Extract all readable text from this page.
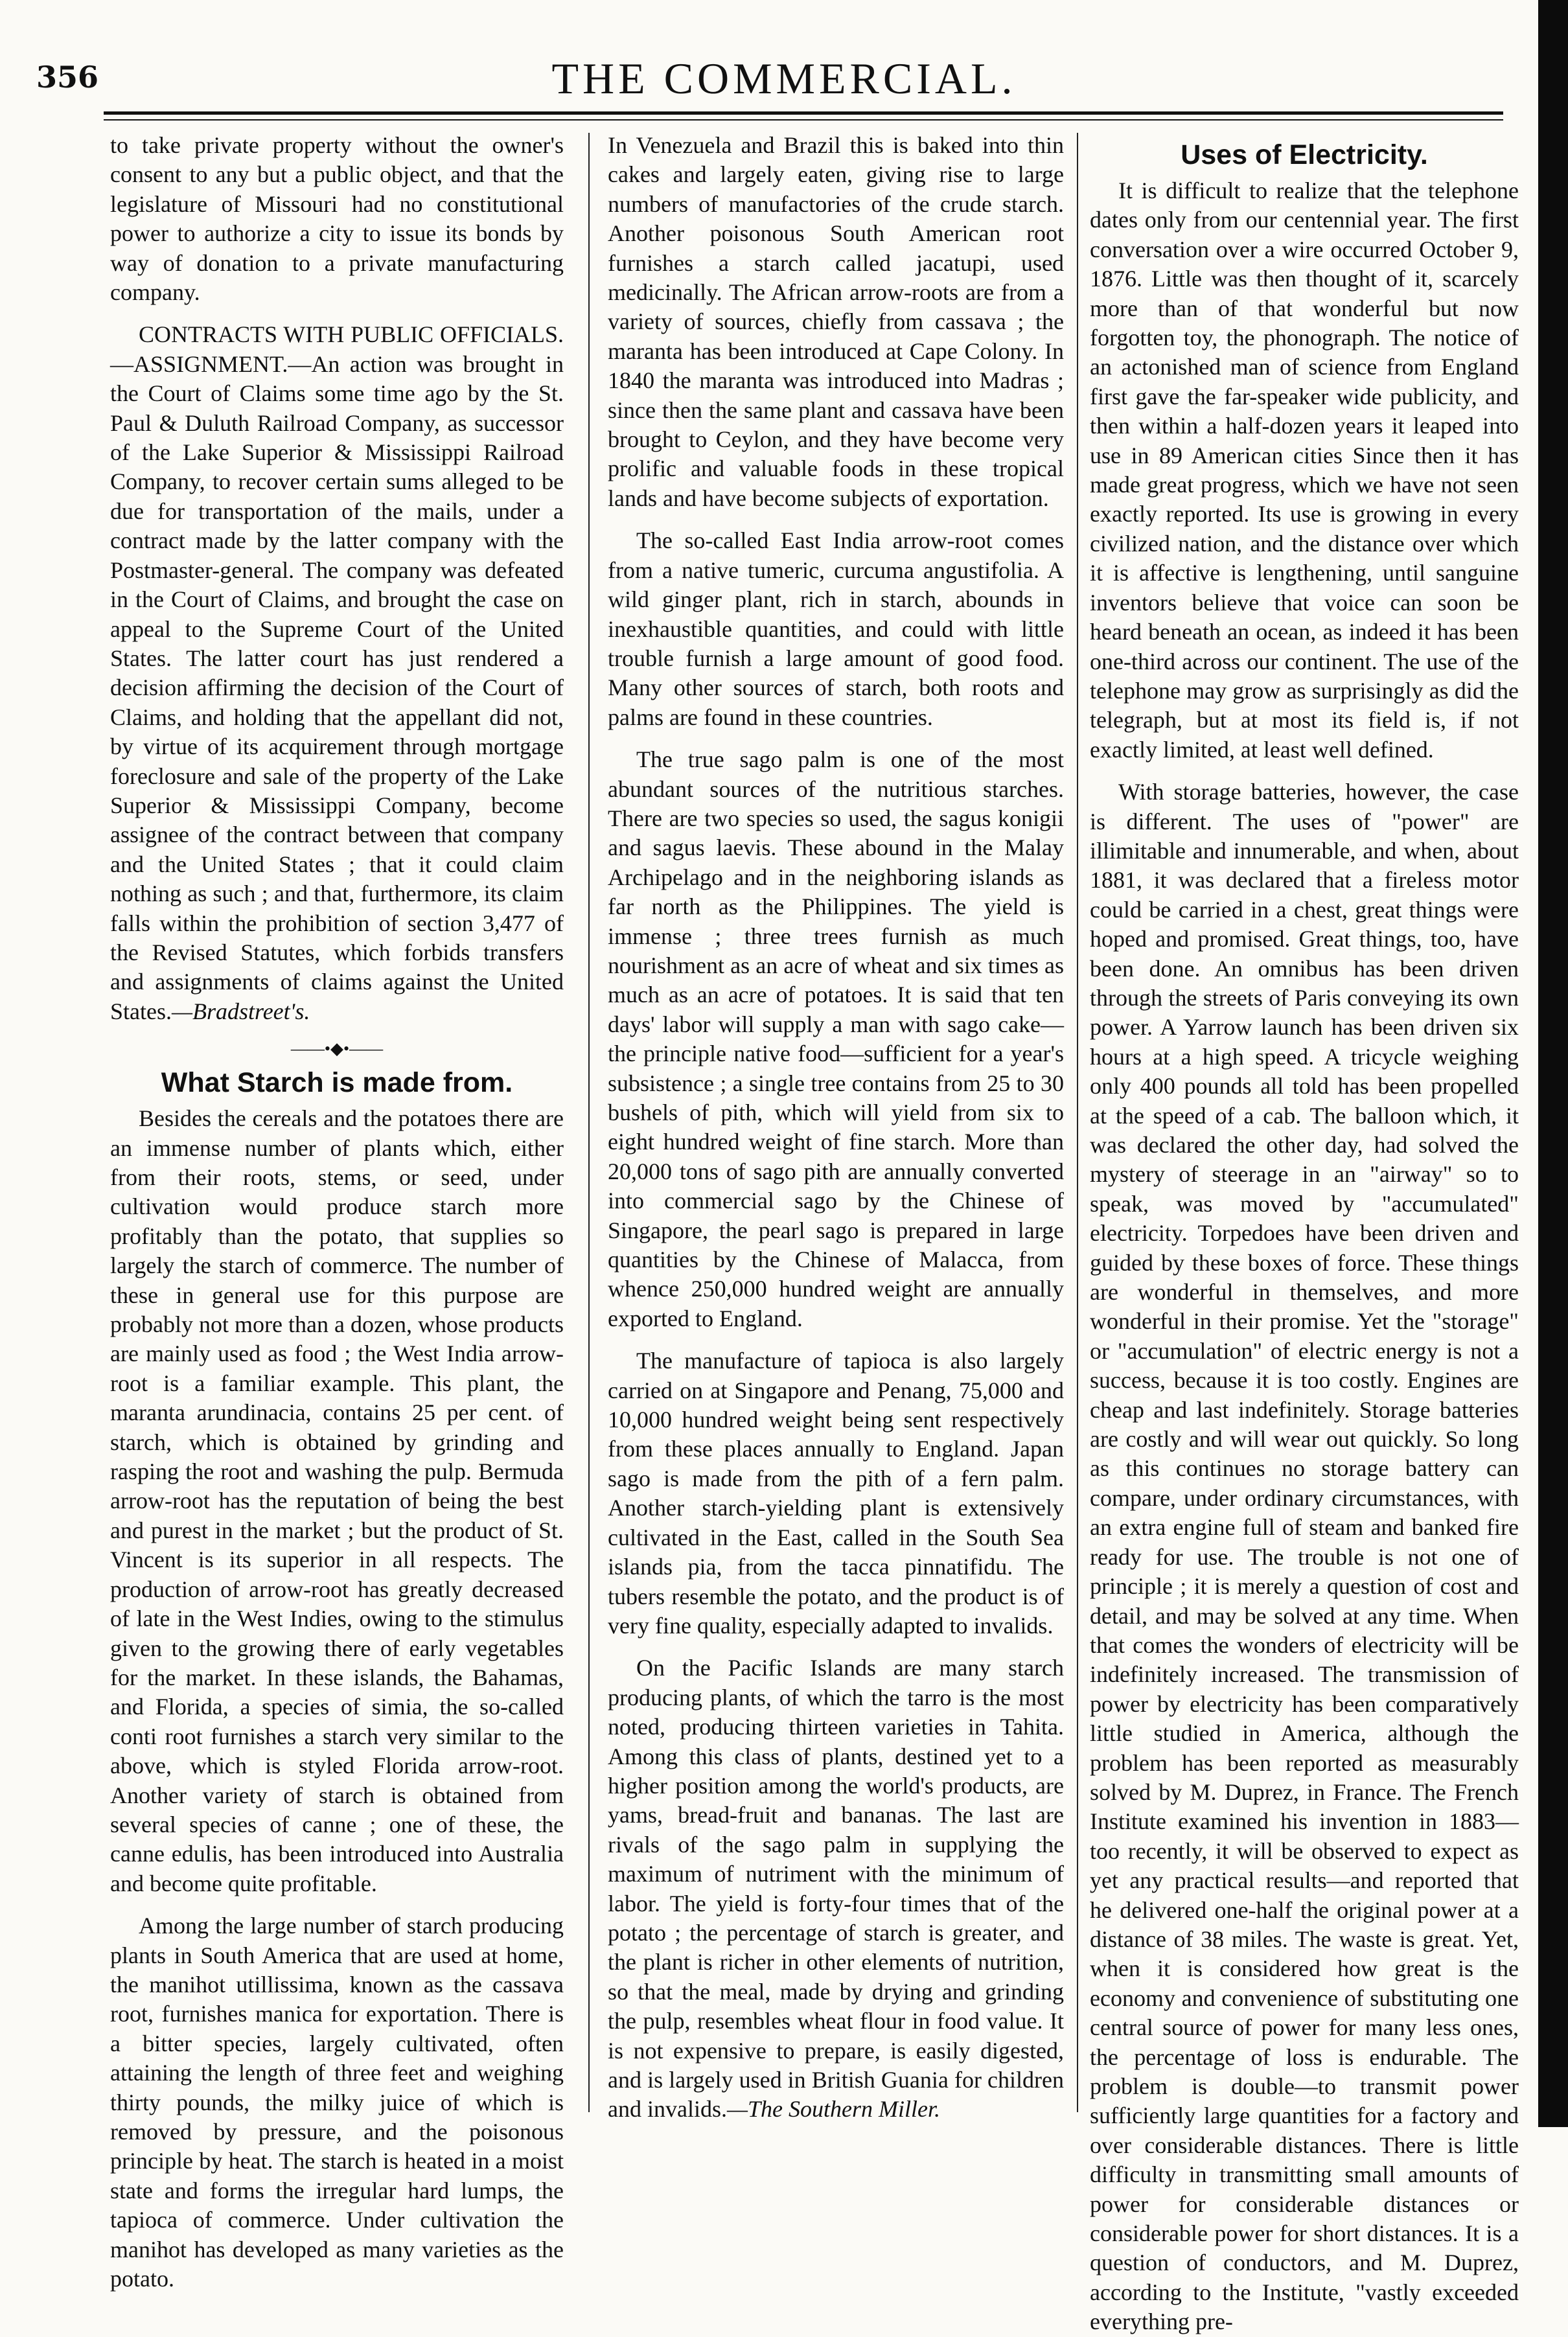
356	THE COMMERCIAL.

to take private property without the owner's consent to any but a public object, and that the legislature of Missouri had no constitutional power to authorize a city to issue its bonds by way of donation to a private manufacturing company.

CONTRACTS WITH PUBLIC OFFICIALS.—ASSIGNMENT.—An action was brought in the Court of Claims some time ago by the St. Paul & Duluth Railroad Company, as successor of the Lake Superior & Mississippi Railroad Company, to recover certain sums alleged to be due for transportation of the mails, under a contract made by the latter company with the Postmaster-general. The company was defeated in the Court of Claims, and brought the case on appeal to the Supreme Court of the United States. The latter court has just rendered a decision affirming the decision of the Court of Claims, and holding that the appellant did not, by virtue of its acquirement through mortgage foreclosure and sale of the property of the Lake Superior & Mississippi Company, become assignee of the contract between that company and the United States ; that it could claim nothing as such ; and that, furthermore, its claim falls within the prohibition of section 3,477 of the Revised Statutes, which forbids transfers and assignments of claims against the United States.—Bradstreet's.

——•◆•——
What Starch is made from.

Besides the cereals and the potatoes there are an immense number of plants which, either from their roots, stems, or seed, under cultivation would produce starch more profitably than the potato, that supplies so largely the starch of commerce. The number of these in general use for this purpose are probably not more than a dozen, whose products are mainly used as food ; the West India arrow-root is a familiar example. This plant, the maranta arundinacia, contains 25 per cent. of starch, which is obtained by grinding and rasping the root and washing the pulp. Bermuda arrow-root has the reputation of being the best and purest in the market ; but the product of St. Vincent is its superior in all respects. The production of arrow-root has greatly decreased of late in the West Indies, owing to the stimulus given to the growing there of early vegetables for the market. In these islands, the Bahamas, and Florida, a species of simia, the so-called conti root furnishes a starch very similar to the above, which is styled Florida arrow-root. Another variety of starch is obtained from several species of canne ; one of these, the canne edulis, has been introduced into Australia and become quite profitable.

Among the large number of starch producing plants in South America that are used at home, the manihot utillissima, known as the cassava root, furnishes manica for exportation. There is a bitter species, largely cultivated, often attaining the length of three feet and weighing thirty pounds, the milky juice of which is removed by pressure, and the poisonous principle by heat. The starch is heated in a moist state and forms the irregular hard lumps, the tapioca of commerce. Under cultivation the manihot has developed as many varieties as the potato.

In Venezuela and Brazil this is baked into thin cakes and largely eaten, giving rise to large numbers of manufactories of the crude starch. Another poisonous South American root furnishes a starch called jacatupi, used medicinally. The African arrow-roots are from a variety of sources, chiefly from cassava ; the maranta has been introduced at Cape Colony. In 1840 the maranta was introduced into Madras ; since then the same plant and cassava have been brought to Ceylon, and they have become very prolific and valuable foods in these tropical lands and have become subjects of exportation.

The so-called East India arrow-root comes from a native tumeric, curcuma angustifolia. A wild ginger plant, rich in starch, abounds in inexhaustible quantities, and could with little trouble furnish a large amount of good food. Many other sources of starch, both roots and palms are found in these countries.

The true sago palm is one of the most abundant sources of the nutritious starches. There are two species so used, the sagus konigii and sagus laevis. These abound in the Malay Archipelago and in the neighboring islands as far north as the Philippines. The yield is immense ; three trees furnish as much nourishment as an acre of wheat and six times as much as an acre of potatoes. It is said that ten days' labor will supply a man with sago cake—the principle native food—sufficient for a year's subsistence ; a single tree contains from 25 to 30 bushels of pith, which will yield from six to eight hundred weight of fine starch. More than 20,000 tons of sago pith are annually converted into commercial sago by the Chinese of Singapore, the pearl sago is prepared in large quantities by the Chinese of Malacca, from whence 250,000 hundred weight are annually exported to England.

The manufacture of tapioca is also largely carried on at Singapore and Penang, 75,000 and 10,000 hundred weight being sent respectively from these places annually to England. Japan sago is made from the pith of a fern palm. Another starch-yielding plant is extensively cultivated in the East, called in the South Sea islands pia, from the tacca pinnatifidu. The tubers resemble the potato, and the product is of very fine quality, especially adapted to invalids.

On the Pacific Islands are many starch producing plants, of which the tarro is the most noted, producing thirteen varieties in Tahita. Among this class of plants, destined yet to a higher position among the world's products, are yams, bread-fruit and bananas. The last are rivals of the sago palm in supplying the maximum of nutriment with the minimum of labor. The yield is forty-four times that of the potato ; the percentage of starch is greater, and the plant is richer in other elements of nutrition, so that the meal, made by drying and grinding the pulp, resembles wheat flour in food value. It is not expensive to prepare, is easily digested, and is largely used in British Guania for children and invalids.—The Southern Miller.

Uses of Electricity.

It is difficult to realize that the telephone dates only from our centennial year. The first conversation over a wire occurred October 9, 1876. Little was then thought of it, scarcely more than of that wonderful but now forgotten toy, the phonograph. The notice of an actonished man of science from England first gave the far-speaker wide publicity, and then within a half-dozen years it leaped into use in 89 American cities Since then it has made great progress, which we have not seen exactly reported. Its use is growing in every civilized nation, and the distance over which it is affective is lengthening, until sanguine inventors believe that voice can soon be heard beneath an ocean, as indeed it has been one-third across our continent. The use of the telephone may grow as surprisingly as did the telegraph, but at most its field is, if not exactly limited, at least well defined.

With storage batteries, however, the case is different. The uses of "power" are illimitable and innumerable, and when, about 1881, it was declared that a fireless motor could be carried in a chest, great things were hoped and promised. Great things, too, have been done. An omnibus has been driven through the streets of Paris conveying its own power. A Yarrow launch has been driven six hours at a high speed. A tricycle weighing only 400 pounds all told has been propelled at the speed of a cab. The balloon which, it was declared the other day, had solved the mystery of steerage in an "airway" so to speak, was moved by "accumulated" electricity. Torpedoes have been driven and guided by these boxes of force. These things are wonderful in themselves, and more wonderful in their promise. Yet the "storage" or "accumulation" of electric energy is not a success, because it is too costly. Engines are cheap and last indefinitely. Storage batteries are costly and will wear out quickly. So long as this continues no storage battery can compare, under ordinary circumstances, with an extra engine full of steam and banked fire ready for use. The trouble is not one of principle ; it is merely a question of cost and detail, and may be solved at any time. When that comes the wonders of electricity will be indefinitely increased. The transmission of power by electricity has been comparatively little studied in America, although the problem has been reported as measurably solved by M. Duprez, in France. The French Institute examined his invention in 1883—too recently, it will be observed to expect as yet any practical results—and reported that he delivered one-half the original power at a distance of 38 miles. The waste is great. Yet, when it is considered how great is the economy and convenience of substituting one central source of power for many less ones, the percentage of loss is endurable. The problem is double—to transmit power sufficiently large quantities for a factory and over considerable distances. There is little difficulty in transmitting small amounts of power for considerable distances or considerable power for short distances. It is a question of conductors, and M. Duprez, according to the Institute, "vastly exceeded everything pre-
